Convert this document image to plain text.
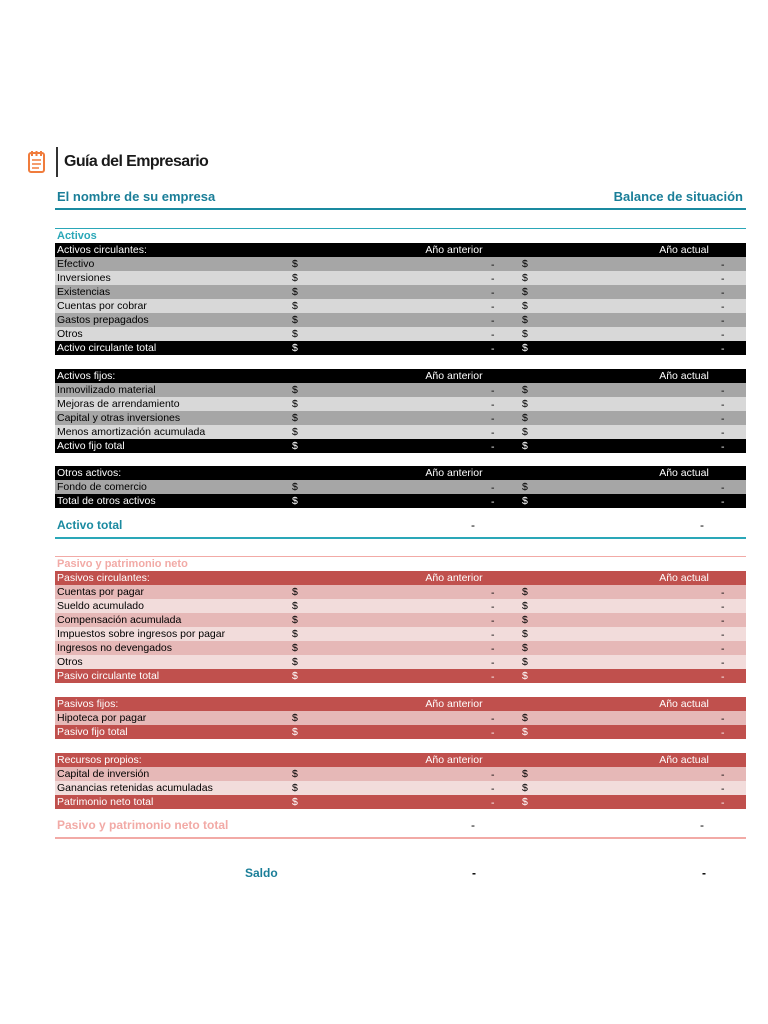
Guía del Empresario
El nombre de su empresa	Balance de situación
Activos
Activos circulantes:	Año anterior	Año actual
Efectivo	$	-	$	-
Inversiones	$	-	$	-
Existencias	$	-	$	-
Cuentas por cobrar	$	-	$	-
Gastos prepagados	$	-	$	-
Otros	$	-	$	-
Activo circulante total	$	-	$	-
Activos fijos:	Año anterior	Año actual
Inmovilizado material	$	-	$	-
Mejoras de arrendamiento	$	-	$	-
Capital y otras inversiones	$	-	$	-
Menos amortización acumulada	$	-	$	-
Activo fijo total	$	-	$	-
Otros activos:	Año anterior	Año actual
Fondo de comercio	$	-	$	-
Total de otros activos	$	-	$	-
Pasivos circulantes:	Año anterior	Año actual
Cuentas por pagar	$	-	$	-
Sueldo acumulado	$	-	$	-
Compensación acumulada	$	-	$	-
Impuestos sobre ingresos por pagar	$	-	$	-
Ingresos no devengados	$	-	$	-
Otros	$	-	$	-
Pasivo circulante total	$	-	$	-
Pasivos fijos:	Año anterior	Año actual
Hipoteca por pagar	$	-	$	-
Pasivo fijo total	$	-	$	-
Recursos propios:	Año anterior	Año actual
Capital de inversión	$	-	$	-
Ganancias retenidas acumuladas	$	-	$	-
Patrimonio neto total	$	-	$	-
Activo total	-	-
Pasivo y patrimonio neto
Pasivo y patrimonio neto total	-	-
Saldo	-	-
